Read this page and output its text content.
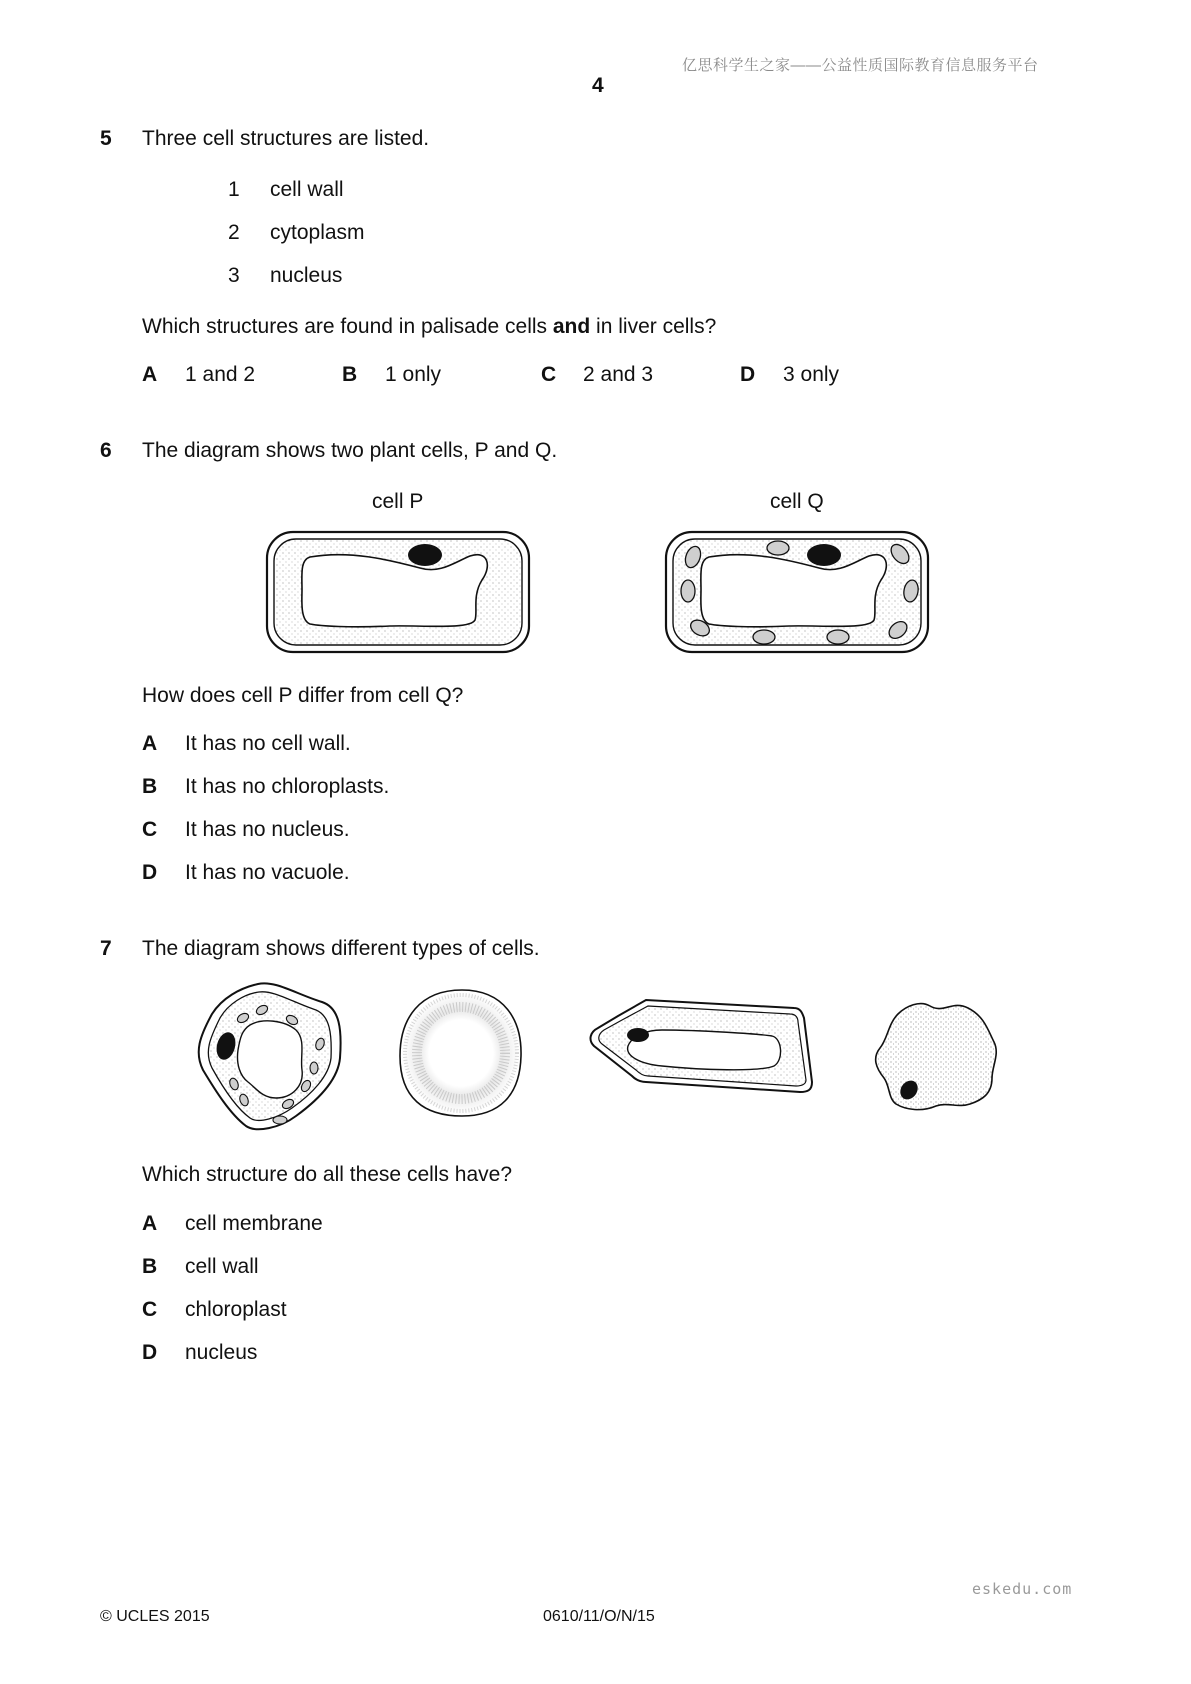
亿思科学生之家——公益性质国际教育信息服务平台
4
5 Three cell structures are listed.
1 cell wall
2 cytoplasm
3 nucleus
Which structures are found in palisade cells and in liver cells?
A 1 and 2	B 1 only	C 2 and 3	D 3 only
6 The diagram shows two plant cells, P and Q.
cell P	cell Q
How does cell P differ from cell Q?
A It has no cell wall.
B It has no chloroplasts.
C It has no nucleus.
D It has no vacuole.
7 The diagram shows different types of cells.
Which structure do all these cells have?
A cell membrane
B cell wall
C chloroplast
D nucleus
eskedu.com
© UCLES 2015	0610/11/O/N/15
